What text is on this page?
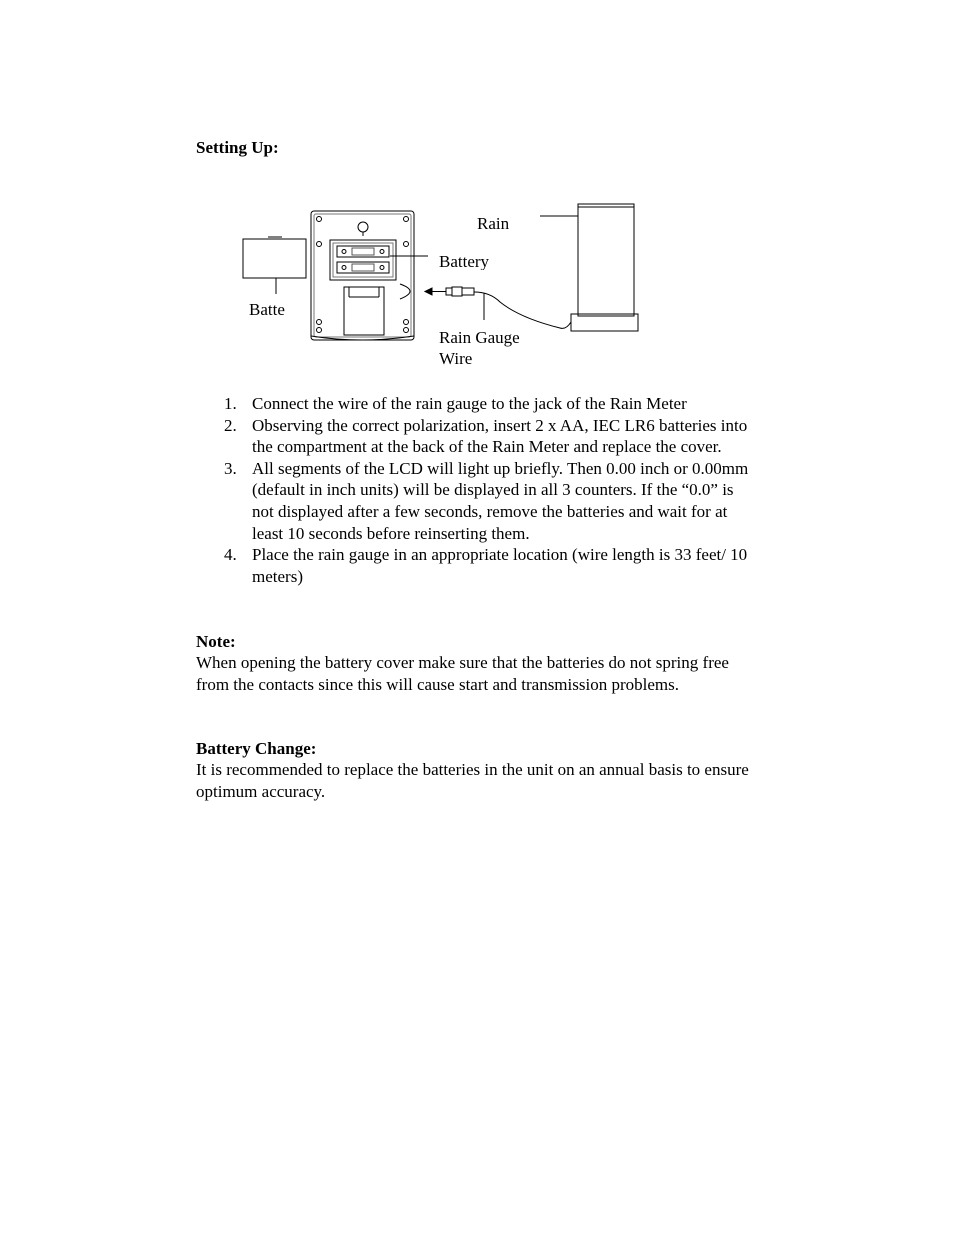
Setting Up:
Rain
Battery
Batte
Rain Gauge
Wire
1. Connect the wire of the rain gauge to the jack of the Rain Meter
2. Observing the correct polarization, insert 2 x AA, IEC LR6 batteries into the compartment at the back of the Rain Meter and replace the cover.
3. All segments of the LCD will light up briefly. Then 0.00 inch or 0.00mm (default in inch units) will be displayed in all 3 counters. If the “0.0” is not displayed after a few seconds, remove the batteries and wait for at least 10 seconds before reinserting them.
4. Place the rain gauge in an appropriate location (wire length is 33 feet/ 10 meters)
Note:
When opening the battery cover make sure that the batteries do not spring free from the contacts since this will cause start and transmission problems.
Battery Change:
It is recommended to replace the batteries in the unit on an annual basis to ensure optimum accuracy.
